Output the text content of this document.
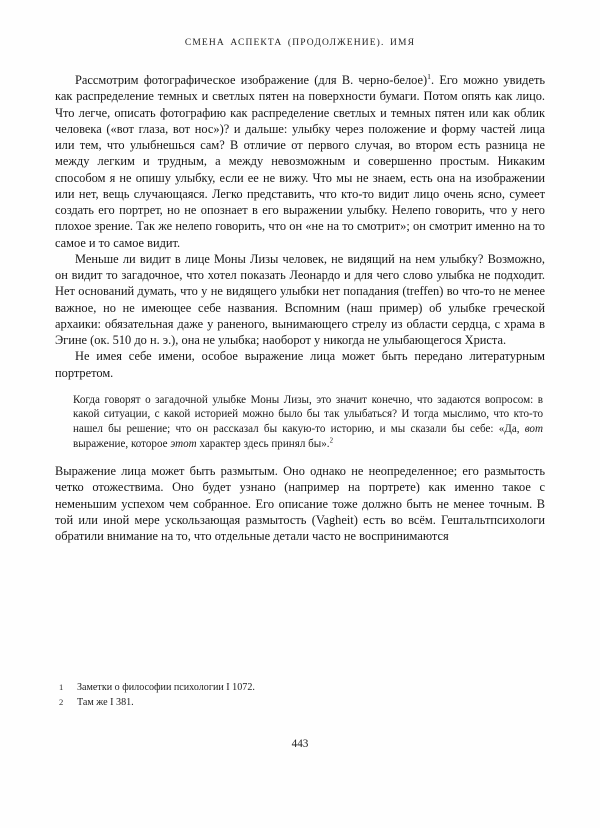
СМЕНА АСПЕКТА (ПРОДОЛЖЕНИЕ). ИМЯ

Рассмотрим фотографическое изображение (для В. черно-белое)$^1$. Его можно увидеть как распределение темных и светлых пятен на поверхности бумаги. Потом опять как лицо. Что легче, описать фотографию как распределение светлых и темных пятен или как облик человека («вот глаза, вот нос»)? и дальше: улыбку через положение и форму частей лица или тем, что улыбнешься сам? В отличие от первого случая, во втором есть разница не между легким и трудным, а между невозможным и совершенно простым. Никаким способом я не опишу улыбку, если ее не вижу. Что мы не знаем, есть она на изображении или нет, вещь случающаяся. Легко представить, что кто-то видит лицо очень ясно, сумеет создать его портрет, но не опознает в его выражении улыбку. Нелепо говорить, что у него плохое зрение. Так же нелепо говорить, что он «не на то смотрит»; он смотрит именно на то самое и то самое видит.

Меньше ли видит в лице Моны Лизы человек, не видящий на нем улыбку? Возможно, он видит то загадочное, что хотел показать Леонардо и для чего слово улыбка не подходит. Нет оснований думать, что у не видящего улыбки нет попадания (treffen) во что-то не менее важное, но не имеющее себе названия. Вспомним (наш пример) об улыбке греческой архаики: обязательная даже у раненого, вынимающего стрелу из области сердца, с храма в Эгине (ок. 510 до н. э.), она не улыбка; наоборот у никогда не улыбающегося Христа.

Не имея себе имени, особое выражение лица может быть передано литературным портретом.

Когда говорят о загадочной улыбке Моны Лизы, это значит конечно, что задаются вопросом: в какой ситуации, с какой историей можно было бы так улыбаться? И тогда мыслимо, что кто-то нашел бы решение; что он рассказал бы какую-то историю, и мы сказали бы себе: «Да, вот выражение, которое этот характер здесь принял бы».$^2$

Выражение лица может быть размытым. Оно однако не неопределенное; его размытость четко отожествима. Оно будет узнано (например на портрете) как именно такое с неменьшим успехом чем собранное. Его описание тоже должно быть не менее точным. В той или иной мере ускользающая размытость (Vagheit) есть во всём. Гештальтпсихологи обратили внимание на то, что отдельные детали часто не воспринимаются

1	Заметки о философии психологии I 1072.
2	Там же I 381.
443
